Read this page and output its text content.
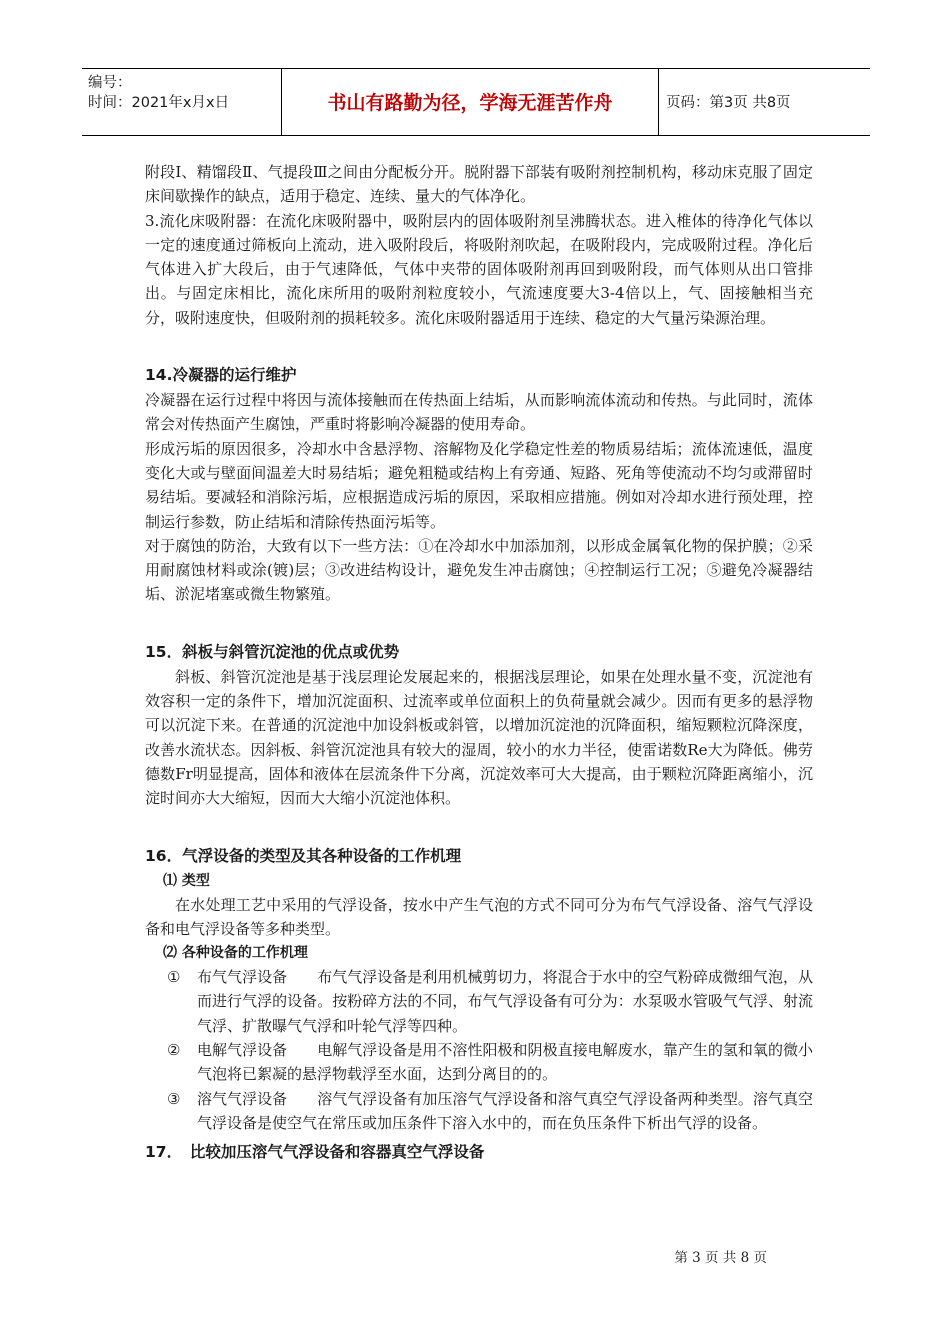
编号：
时间：2021年x月x日	书山有路勤为径，学海无涯苦作舟	页码：第3页 共8页

附段Ⅰ、精馏段Ⅱ、气提段Ⅲ之间由分配板分开。脱附器下部装有吸附剂控制机构，移动床克服了固定床间歇操作的缺点，适用于稳定、连续、量大的气体净化。

3.流化床吸附器：在流化床吸附器中，吸附层内的固体吸附剂呈沸腾状态。进入椎体的待净化气体以一定的速度通过筛板向上流动，进入吸附段后，将吸附剂吹起，在吸附段内，完成吸附过程。净化后气体进入扩大段后，由于气速降低，气体中夹带的固体吸附剂再回到吸附段，而气体则从出口管排出。与固定床相比，流化床所用的吸附剂粒度较小，气流速度要大3-4倍以上，气、固接触相当充分，吸附速度快，但吸附剂的损耗较多。流化床吸附器适用于连续、稳定的大气量污染源治理。

14.冷凝器的运行维护

冷凝器在运行过程中将因与流体接触而在传热面上结垢，从而影响流体流动和传热。与此同时，流体常会对传热面产生腐蚀，严重时将影响冷凝器的使用寿命。

形成污垢的原因很多，冷却水中含悬浮物、溶解物及化学稳定性差的物质易结垢；流体流速低，温度变化大或与壁面间温差大时易结垢；避免粗糙或结构上有旁通、短路、死角等使流动不均匀或滞留时易结垢。要减轻和消除污垢，应根据造成污垢的原因，采取相应措施。例如对冷却水进行预处理，控制运行参数，防止结垢和清除传热面污垢等。

对于腐蚀的防治，大致有以下一些方法：①在冷却水中加添加剂，以形成金属氧化物的保护膜；②采用耐腐蚀材料或涂(镀)层；③改进结构设计，避免发生冲击腐蚀；④控制运行工况；⑤避免冷凝器结垢、淤泥堵塞或微生物繁殖。

15．斜板与斜管沉淀池的优点或优势

斜板、斜管沉淀池是基于浅层理论发展起来的，根据浅层理论，如果在处理水量不变，沉淀池有效容积一定的条件下，增加沉淀面积、过流率或单位面积上的负荷量就会减少。因而有更多的悬浮物可以沉淀下来。在普通的沉淀池中加设斜板或斜管，以增加沉淀池的沉降面积，缩短颗粒沉降深度，改善水流状态。因斜板、斜管沉淀池具有较大的湿周，较小的水力半径，使雷诺数Re大为降低。佛劳德数Fr明显提高，固体和液体在层流条件下分离，沉淀效率可大大提高，由于颗粒沉降距离缩小，沉淀时间亦大大缩短，因而大大缩小沉淀池体积。

16．气浮设备的类型及其各种设备的工作机理

⑴ 类型

在水处理工艺中采用的气浮设备，按水中产生气泡的方式不同可分为布气气浮设备、溶气气浮设备和电气浮设备等多种类型。

⑵ 各种设备的工作机理

① 布气气浮设备　　布气气浮设备是利用机械剪切力，将混合于水中的空气粉碎成微细气泡，从而进行气浮的设备。按粉碎方法的不同，布气气浮设备有可分为：水泵吸水管吸气气浮、射流气浮、扩散曝气气浮和叶轮气浮等四种。

② 电解气浮设备　　电解气浮设备是用不溶性阳极和阴极直接电解废水，靠产生的氢和氧的微小气泡将已絮凝的悬浮物载浮至水面，达到分离目的的。

③ 溶气气浮设备　　溶气气浮设备有加压溶气气浮设备和溶气真空气浮设备两种类型。溶气真空气浮设备是使空气在常压或加压条件下溶入水中的，而在负压条件下析出气浮的设备。

17．　比较加压溶气气浮设备和容器真空气浮设备

第 3 页 共 8 页
